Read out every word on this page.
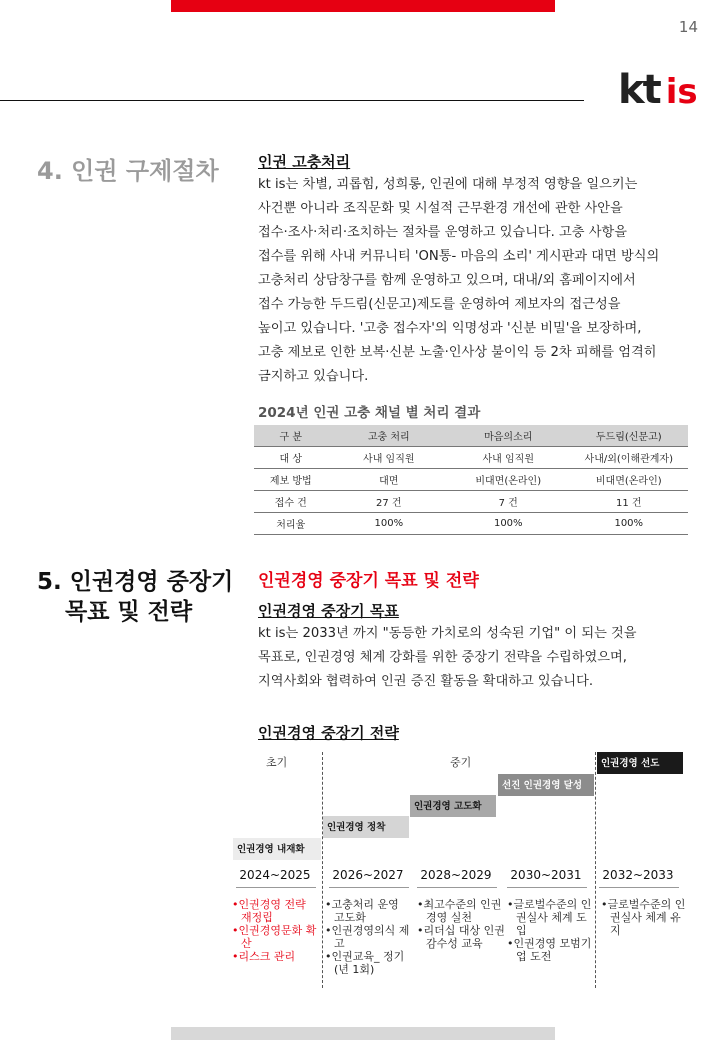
14
kt is
4. 인권 구제절차	인권 고충처리
kt is는 차별, 괴롭힘, 성희롱, 인권에 대해 부정적 영향을 일으키는
사건뿐 아니라 조직문화 및 시설적 근무환경 개선에 관한 사안을
접수·조사·처리·조치하는 절차를 운영하고 있습니다. 고충 사항을
접수를 위해 사내 커뮤니티 'ON통- 마음의 소리' 게시판과 대면 방식의
고충처리 상담창구를 함께 운영하고 있으며, 대내/외 홈페이지에서
접수 가능한 두드림(신문고)제도를 운영하여 제보자의 접근성을
높이고 있습니다. '고충 접수자'의 익명성과 '신분 비밀'을 보장하며,
고충 제보로 인한 보복·신분 노출·인사상 불이익 등 2차 피해를 엄격히
금지하고 있습니다.
2024년 인권 고충 채널 별 처리 결과
구 분		고충 처리		마음의소리		두드림(신문고)
대 상		사내 임직원		사내 임직원		사내/외(이해관계자)
제보 방법		대면		비대면(온라인)		비대면(온라인)
접수 건		27 건		7 건		11 건
처리율		100%		100%		100%
5. 인권경영 중장기
목표 및 전략
인권경영 중장기 목표 및 전략
인권경영 중장기 목표
kt is는 2033년 까지 "동등한 가치로의 성숙된 기업" 이 되는 것을
목표로, 인권경영 체계 강화를 위한 중장기 전략을 수립하였으며,
지역사회와 협력하여 인권 증진 활동을 확대하고 있습니다.
인권경영 중장기 전략
초기	중기
인권경영 내재화
인권경영 정착
인권경영 고도화
선진 인권경영 달성
인권경영 선도
2024~2025	2026~2027	2028~2029	2030~2031	2032~2033
•인권경영 전략 재정립
•인권경영문화 확산
•리스크 관리
•고충처리 운영 고도화
•인권경영의식 제고
•인권교육_ 정기(년 1회)
•최고수준의 인권경영 실천
•리더십 대상 인권 감수성 교육
•글로벌수준의 인권실사 체계 도입
•인권경영 모범기업 도전
•글로벌수준의 인권실사 체계 유지
